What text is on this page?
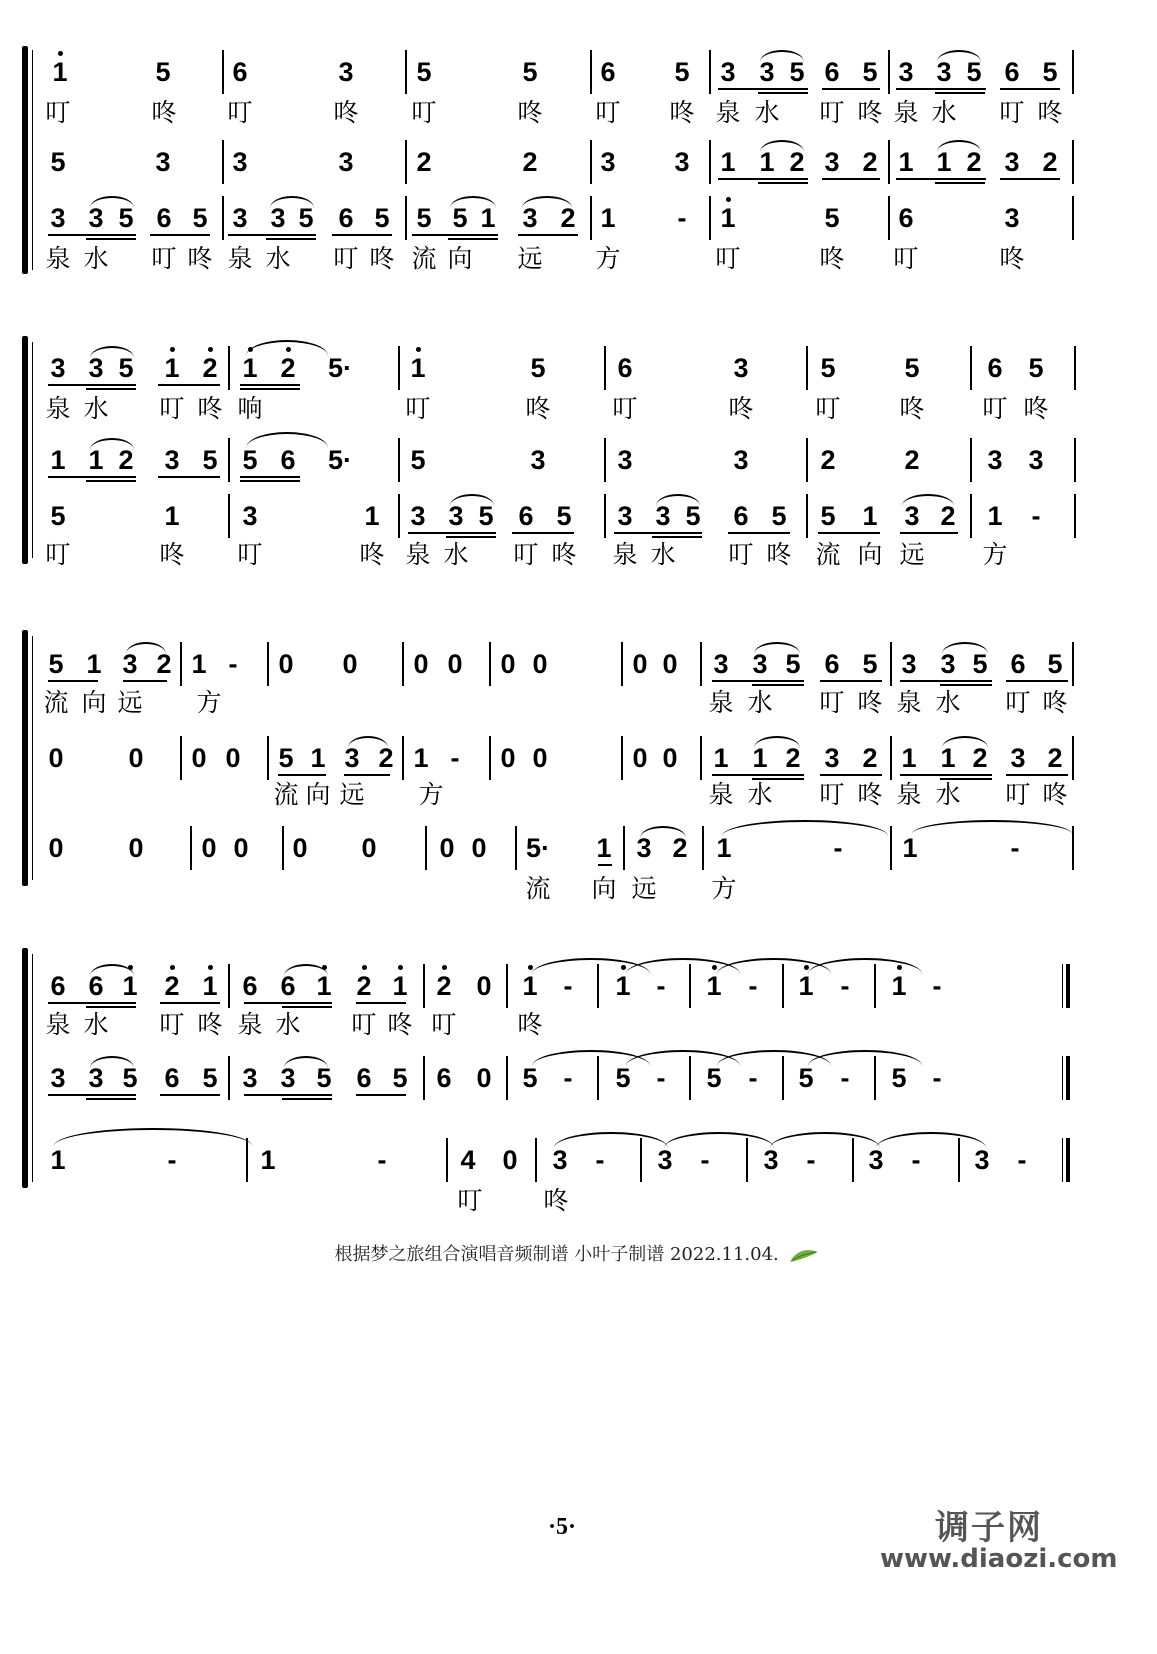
1	5 6	3 5	5 6 5 3 3 5 6 5 3 3 5 6 5
叮	咚 叮	咚 叮	咚 叮 咚 泉 水 叮 咚 泉 水 叮 咚
5	3 3	3 2	2 3 3 1 1 2 3 2 1 1 2 3 2
3 3 5 6 5 3 3 5 6 5 5 5 1 3 2 1 - 1	5 6	3
泉 水 叮 咚 泉 水 叮 咚 流 向 远 方	叮	咚 叮	咚
3 3 5 1 2 1 2 5· 1	5	6	3	5	5	6 5
泉 水 叮 咚 响	叮	咚 叮	咚 叮 咚 叮 咚
1 1 2 3 5 5 6 5· 5	3	3	3	2	2	3 3
5	1 3	1 3 3 5 6 5 3 3 5 6 5 5 1 3 2 1 -
叮	咚 叮	咚 泉 水 叮 咚 泉 水 叮 咚 流 向 远 方
5 1 3 2 1 - 0 0 0 0 0 0	0 0 3 3 5 6 5 3 3 5 6 5
流 向 远 方	泉 水 叮 咚 泉 水 叮 咚
0 0 0 0 5 1 3 2 1 - 0 0	0 0 1 1 2 3 2 1 1 2 3 2
流 向 远 方	泉 水 叮 咚 泉 水 叮 咚
0 0 0 0 0 0 0 0 5· 1 3 2 1	- 1	-
流 向 远 方
6 6 1 2 1 6 6 1 2 1 2 0 1 - 1 - 1 - 1 - 1 -
泉 水 叮 咚 泉 水 叮 咚 叮 咚
3 3 5 6 5 3 3 5 6 5 6 0 5 - 5 - 5 - 5 - 5 -
1	-	1	-	4 0 3 - 3 - 3 - 3 - 3 -
叮 咚
根据梦之旅组合演唱音频制谱 小叶子制谱 2022.11.04.
·5·	调子网
www.diaozi.com
